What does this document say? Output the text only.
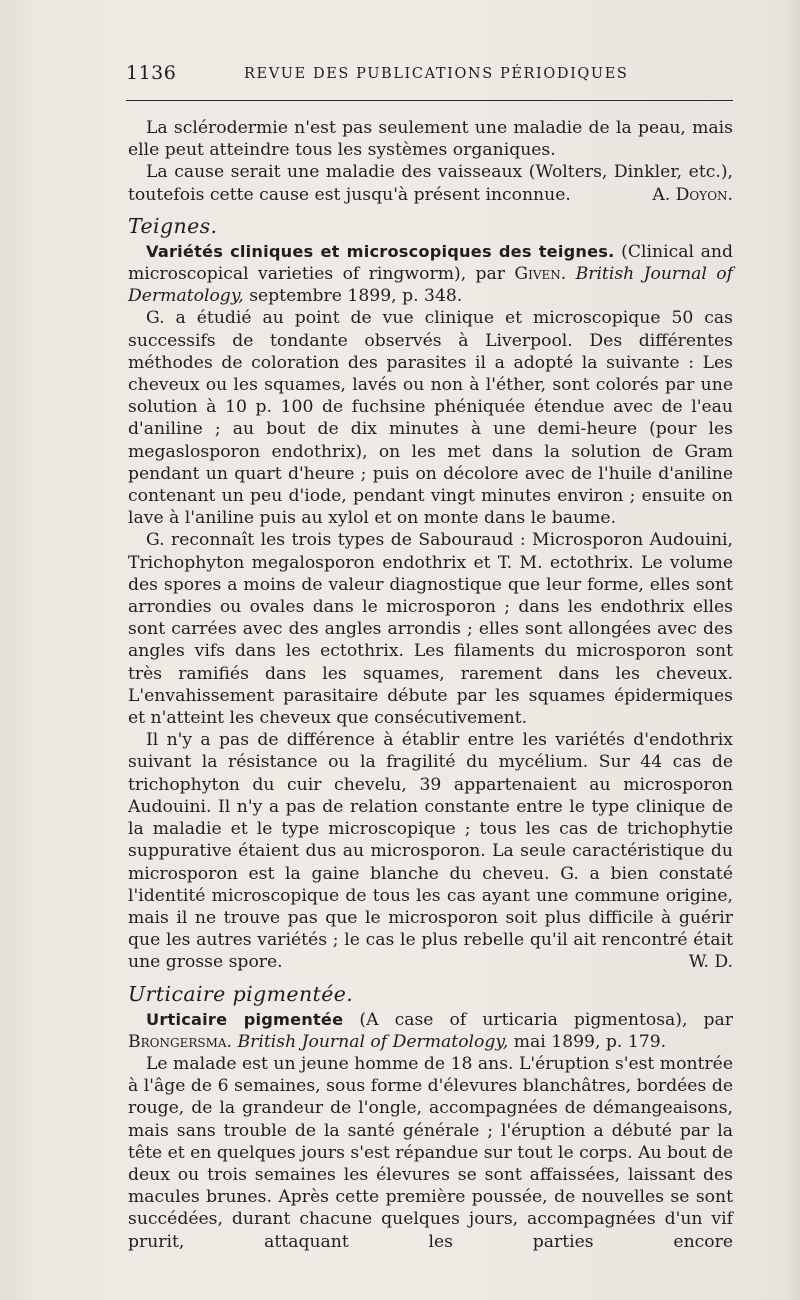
1136	REVUE DES PUBLICATIONS PÉRIODIQUES

La sclérodermie n'est pas seulement une maladie de la peau, mais elle peut atteindre tous les systèmes organiques.

La cause serait une maladie des vaisseaux (Wolters, Dinkler, etc.), toutefois cette cause est jusqu'à présent inconnue.	A. Doyon.

Teignes.

Variétés cliniques et microscopiques des teignes. (Clinical and microscopical varieties of ringworm), par Given. British Journal of Dermatology, septembre 1899, p. 348.

G. a étudié au point de vue clinique et microscopique 50 cas successifs de tondante observés à Liverpool. Des différentes méthodes de coloration des parasites il a adopté la suivante : Les cheveux ou les squames, lavés ou non à l'éther, sont colorés par une solution à 10 p. 100 de fuchsine phéniquée étendue avec de l'eau d'aniline ; au bout de dix minutes à une demi-heure (pour les megaslosporon endothrix), on les met dans la solution de Gram pendant un quart d'heure ; puis on décolore avec de l'huile d'aniline contenant un peu d'iode, pendant vingt minutes environ ; ensuite on lave à l'aniline puis au xylol et on monte dans le baume.

G. reconnaît les trois types de Sabouraud : Microsporon Audouini, Trichophyton megalosporon endothrix et T. M. ectothrix. Le volume des spores a moins de valeur diagnostique que leur forme, elles sont arrondies ou ovales dans le microsporon ; dans les endothrix elles sont carrées avec des angles arrondis ; elles sont allongées avec des angles vifs dans les ectothrix. Les filaments du microsporon sont très ramifiés dans les squames, rarement dans les cheveux. L'envahissement parasitaire débute par les squames épidermiques et n'atteint les cheveux que consécutivement.

Il n'y a pas de différence à établir entre les variétés d'endothrix suivant la résistance ou la fragilité du mycélium. Sur 44 cas de trichophyton du cuir chevelu, 39 appartenaient au microsporon Audouini. Il n'y a pas de relation constante entre le type clinique de la maladie et le type microscopique ; tous les cas de trichophytie suppurative étaient dus au microsporon. La seule caractéristique du microsporon est la gaine blanche du cheveu. G. a bien constaté l'identité microscopique de tous les cas ayant une commune origine, mais il ne trouve pas que le microsporon soit plus difficile à guérir que les autres variétés ; le cas le plus rebelle qu'il ait rencontré était une grosse spore.	W. D.

Urticaire pigmentée.

Urticaire pigmentée (A case of urticaria pigmentosa), par Brongersma. British Journal of Dermatology, mai 1899, p. 179.

Le malade est un jeune homme de 18 ans. L'éruption s'est montrée à l'âge de 6 semaines, sous forme d'élevures blanchâtres, bordées de rouge, de la grandeur de l'ongle, accompagnées de démangeaisons, mais sans trouble de la santé générale ; l'éruption a débuté par la tête et en quelques jours s'est répandue sur tout le corps. Au bout de deux ou trois semaines les élevures se sont affaissées, laissant des macules brunes. Après cette première poussée, de nouvelles se sont succédées, durant chacune quelques jours, accompagnées d'un vif prurit, attaquant les parties encore
